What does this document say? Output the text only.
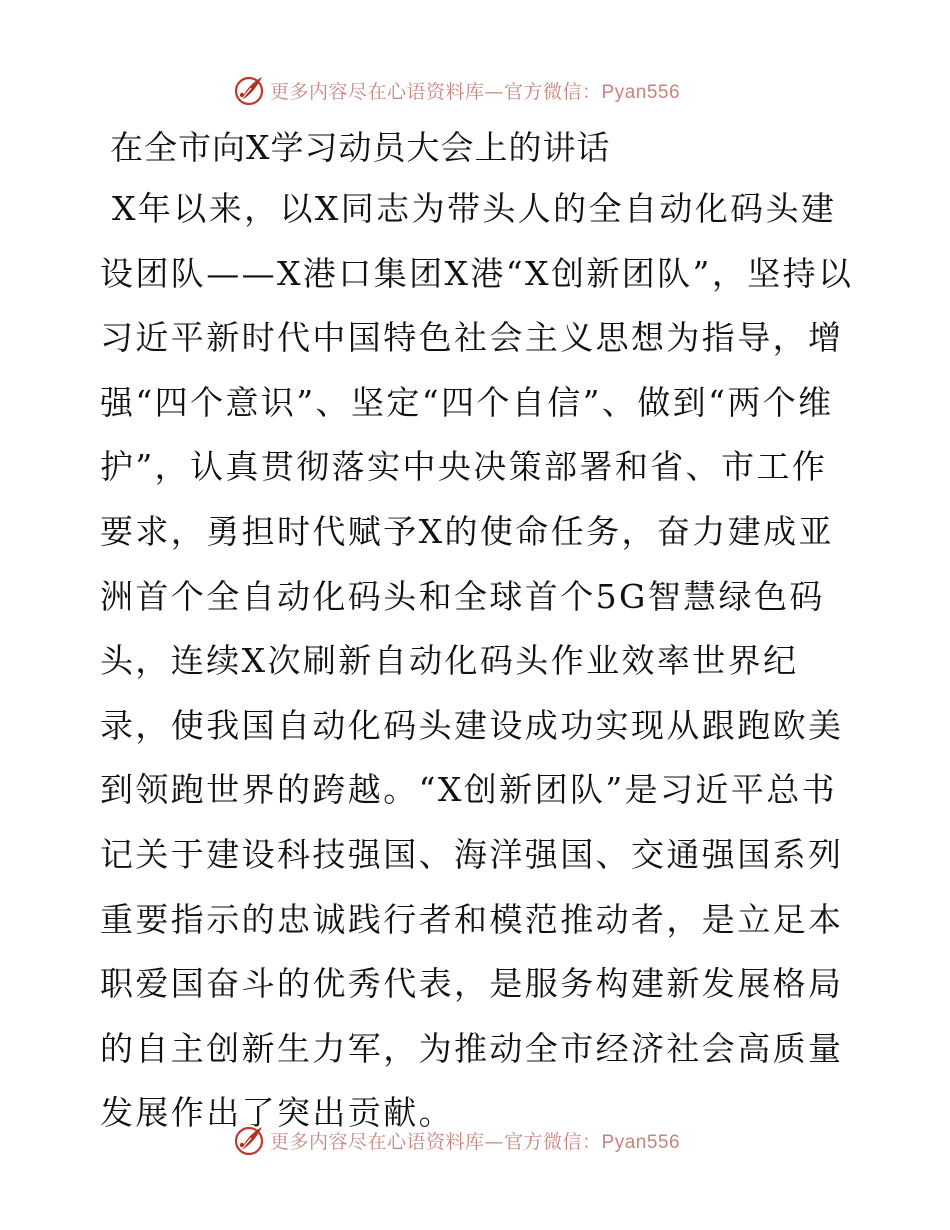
更多内容尽在心语资料库—官方微信：Pyan556
在全市向X学习动员大会上的讲话

X年以来，以X同志为带头人的全自动化码头建设团队——X港口集团X港“X创新团队”，坚持以习近平新时代中国特色社会主义思想为指导，增强“四个意识”、坚定“四个自信”、做到“两个维护”，认真贯彻落实中央决策部署和省、市工作要求，勇担时代赋予X的使命任务，奋力建成亚洲首个全自动化码头和全球首个5G智慧绿色码头，连续X次刷新自动化码头作业效率世界纪录，使我国自动化码头建设成功实现从跟跑欧美到领跑世界的跨越。“X创新团队”是习近平总书记关于建设科技强国、海洋强国、交通强国系列重要指示的忠诚践行者和模范推动者，是立足本职爱国奋斗的优秀代表，是服务构建新发展格局的自主创新生力军，为推动全市经济社会高质量发展作出了突出贡献。

更多内容尽在心语资料库—官方微信：Pyan556
